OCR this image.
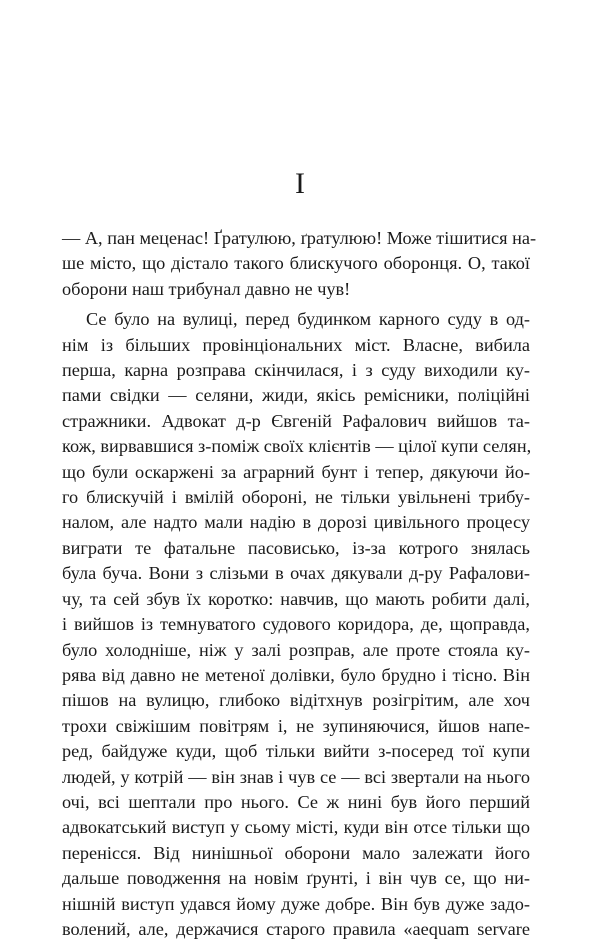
I
— А, пан меценас! Ґратулюю, ґратулюю! Може тішитися на-
ше місто, що дістало такого блискучого оборонця. О, такої
оборони наш трибунал давно не чув!
Се було на вулиці, перед будинком карного суду в од-
нім із більших провінціональних міст. Власне, вибила
перша, карна розправа скінчилася, і з суду виходили ку-
пами свідки — селяни, жиди, якісь ремісники, поліційні
стражники. Адвокат д-р Євгеній Рафалович вийшов та-
кож, вирвавшися з-поміж своїх клієнтів — цілої купи селян,
що були оскаржені за аграрний бунт і тепер, дякуючи йо-
го блискучій і вмілій обороні, не тільки увільнені трибу-
налом, але надто мали надію в дорозі цивільного процесу
виграти те фатальне пасовисько, із-за котрого знялась
була буча. Вони з слізьми в очах дякували д-ру Рафалови-
чу, та сей збув їх коротко: навчив, що мають робити далі,
і вийшов із темнуватого судового коридора, де, щоправда,
було холодніше, ніж у залі розправ, але проте стояла ку-
рява від давно не метеної долівки, було брудно і тісно. Він
пішов на вулицю, глибоко відітхнув розігрітим, але хоч
трохи свіжішим повітрям і, не зупиняючися, йшов напе-
ред, байдуже куди, щоб тільки вийти з-посеред тої купи
людей, у котрій — він знав і чув се — всі звертали на нього
очі, всі шептали про нього. Се ж нині був його перший
адвокатський виступ у сьому місті, куди він отсе тільки що
перенісся. Від нинішньої оборони мало залежати його
дальше поводження на новім ґрунті, і він чув се, що ни-
нішній виступ удався йому дуже добре. Він був дуже задо-
волений, але, держачися старого правила «aequam servare
